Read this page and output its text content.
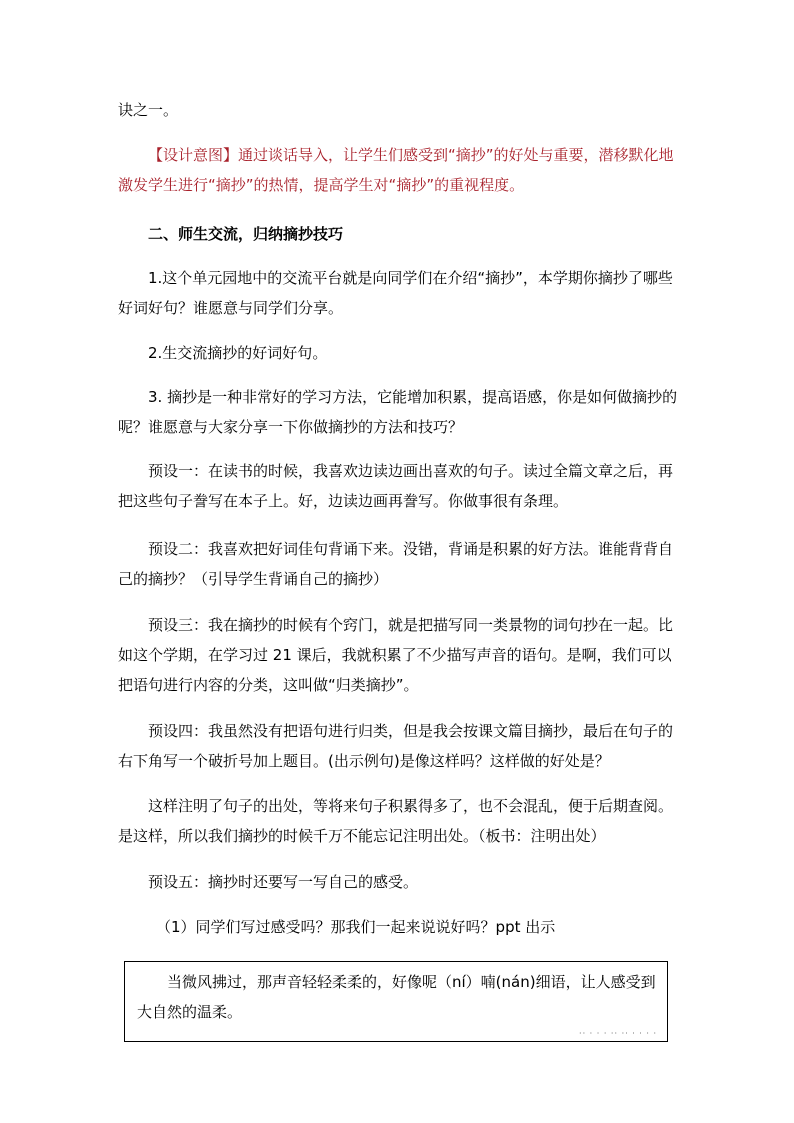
诀之一。

【设计意图】通过谈话导入，让学生们感受到“摘抄”的好处与重要，潜移默化地激发学生进行“摘抄”的热情，提高学生对“摘抄”的重视程度。

二、师生交流，归纳摘抄技巧

1.这个单元园地中的交流平台就是向同学们在介绍“摘抄”，本学期你摘抄了哪些好词好句？谁愿意与同学们分享。

2.生交流摘抄的好词好句。

3. 摘抄是一种非常好的学习方法，它能增加积累，提高语感，你是如何做摘抄的呢？谁愿意与大家分享一下你做摘抄的方法和技巧？

预设一：在读书的时候，我喜欢边读边画出喜欢的句子。读过全篇文章之后，再把这些句子誊写在本子上。好，边读边画再誊写。你做事很有条理。

预设二：我喜欢把好词佳句背诵下来。没错，背诵是积累的好方法。谁能背背自己的摘抄？（引导学生背诵自己的摘抄）

预设三：我在摘抄的时候有个窍门，就是把描写同一类景物的词句抄在一起。比如这个学期，在学习过 21 课后，我就积累了不少描写声音的语句。是啊，我们可以把语句进行内容的分类，这叫做“归类摘抄”。

预设四：我虽然没有把语句进行归类，但是我会按课文篇目摘抄，最后在句子的右下角写一个破折号加上题目。(出示例句)是像这样吗？这样做的好处是？

这样注明了句子的出处，等将来句子积累得多了，也不会混乱，便于后期查阅。是这样，所以我们摘抄的时候千万不能忘记注明出处。（板书：注明出处）

预设五：摘抄时还要写一写自己的感受。

（1）同学们写过感受吗？那我们一起来说说好吗？ppt 出示

当微风拂过，那声音轻轻柔柔的，好像呢（ní）喃(nán)细语，让人感受到大自然的温柔。

·· · · · ·· ·· · · · ·
